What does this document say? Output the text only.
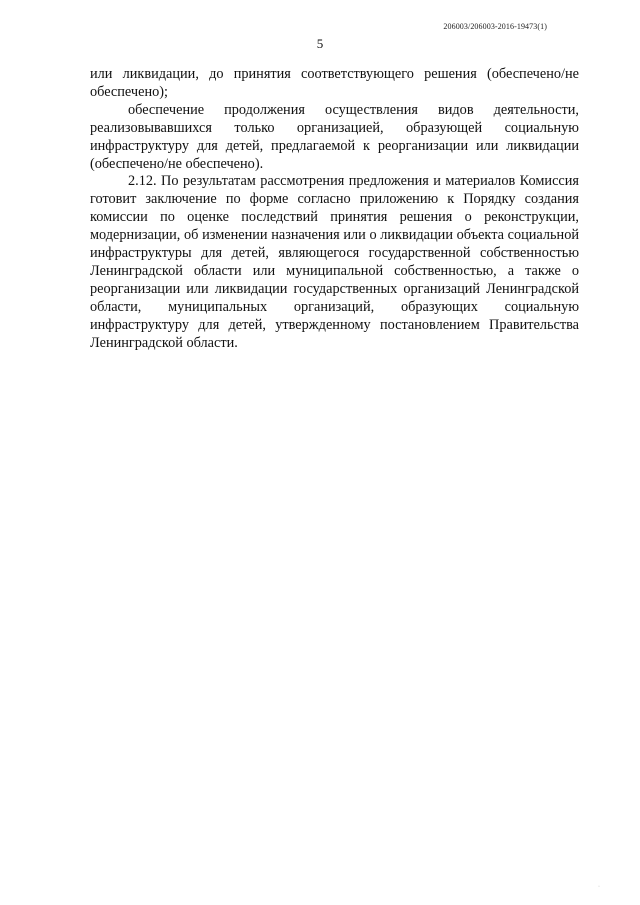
206003/206003-2016-19473(1)
5

или ликвидации, до принятия соответствующего решения (обеспечено/не обеспечено);

обеспечение продолжения осуществления видов деятельности, реализовывавшихся только организацией, образующей социальную инфраструктуру для детей, предлагаемой к реорганизации или ликвидации (обеспечено/не обеспечено).

2.12. По результатам рассмотрения предложения и материалов Комиссия готовит заключение по форме согласно приложению к Порядку создания комиссии по оценке последствий принятия решения о реконструкции, модернизации, об изменении назначения или о ликвидации объекта социальной инфраструктуры для детей, являющегося государственной собственностью Ленинградской области или муниципальной собственностью, а также о реорганизации или ликвидации государственных организаций Ленинградской области, муниципальных организаций, образующих социальную инфраструктуру для детей, утвержденному постановлением Правительства Ленинградской области.

·
